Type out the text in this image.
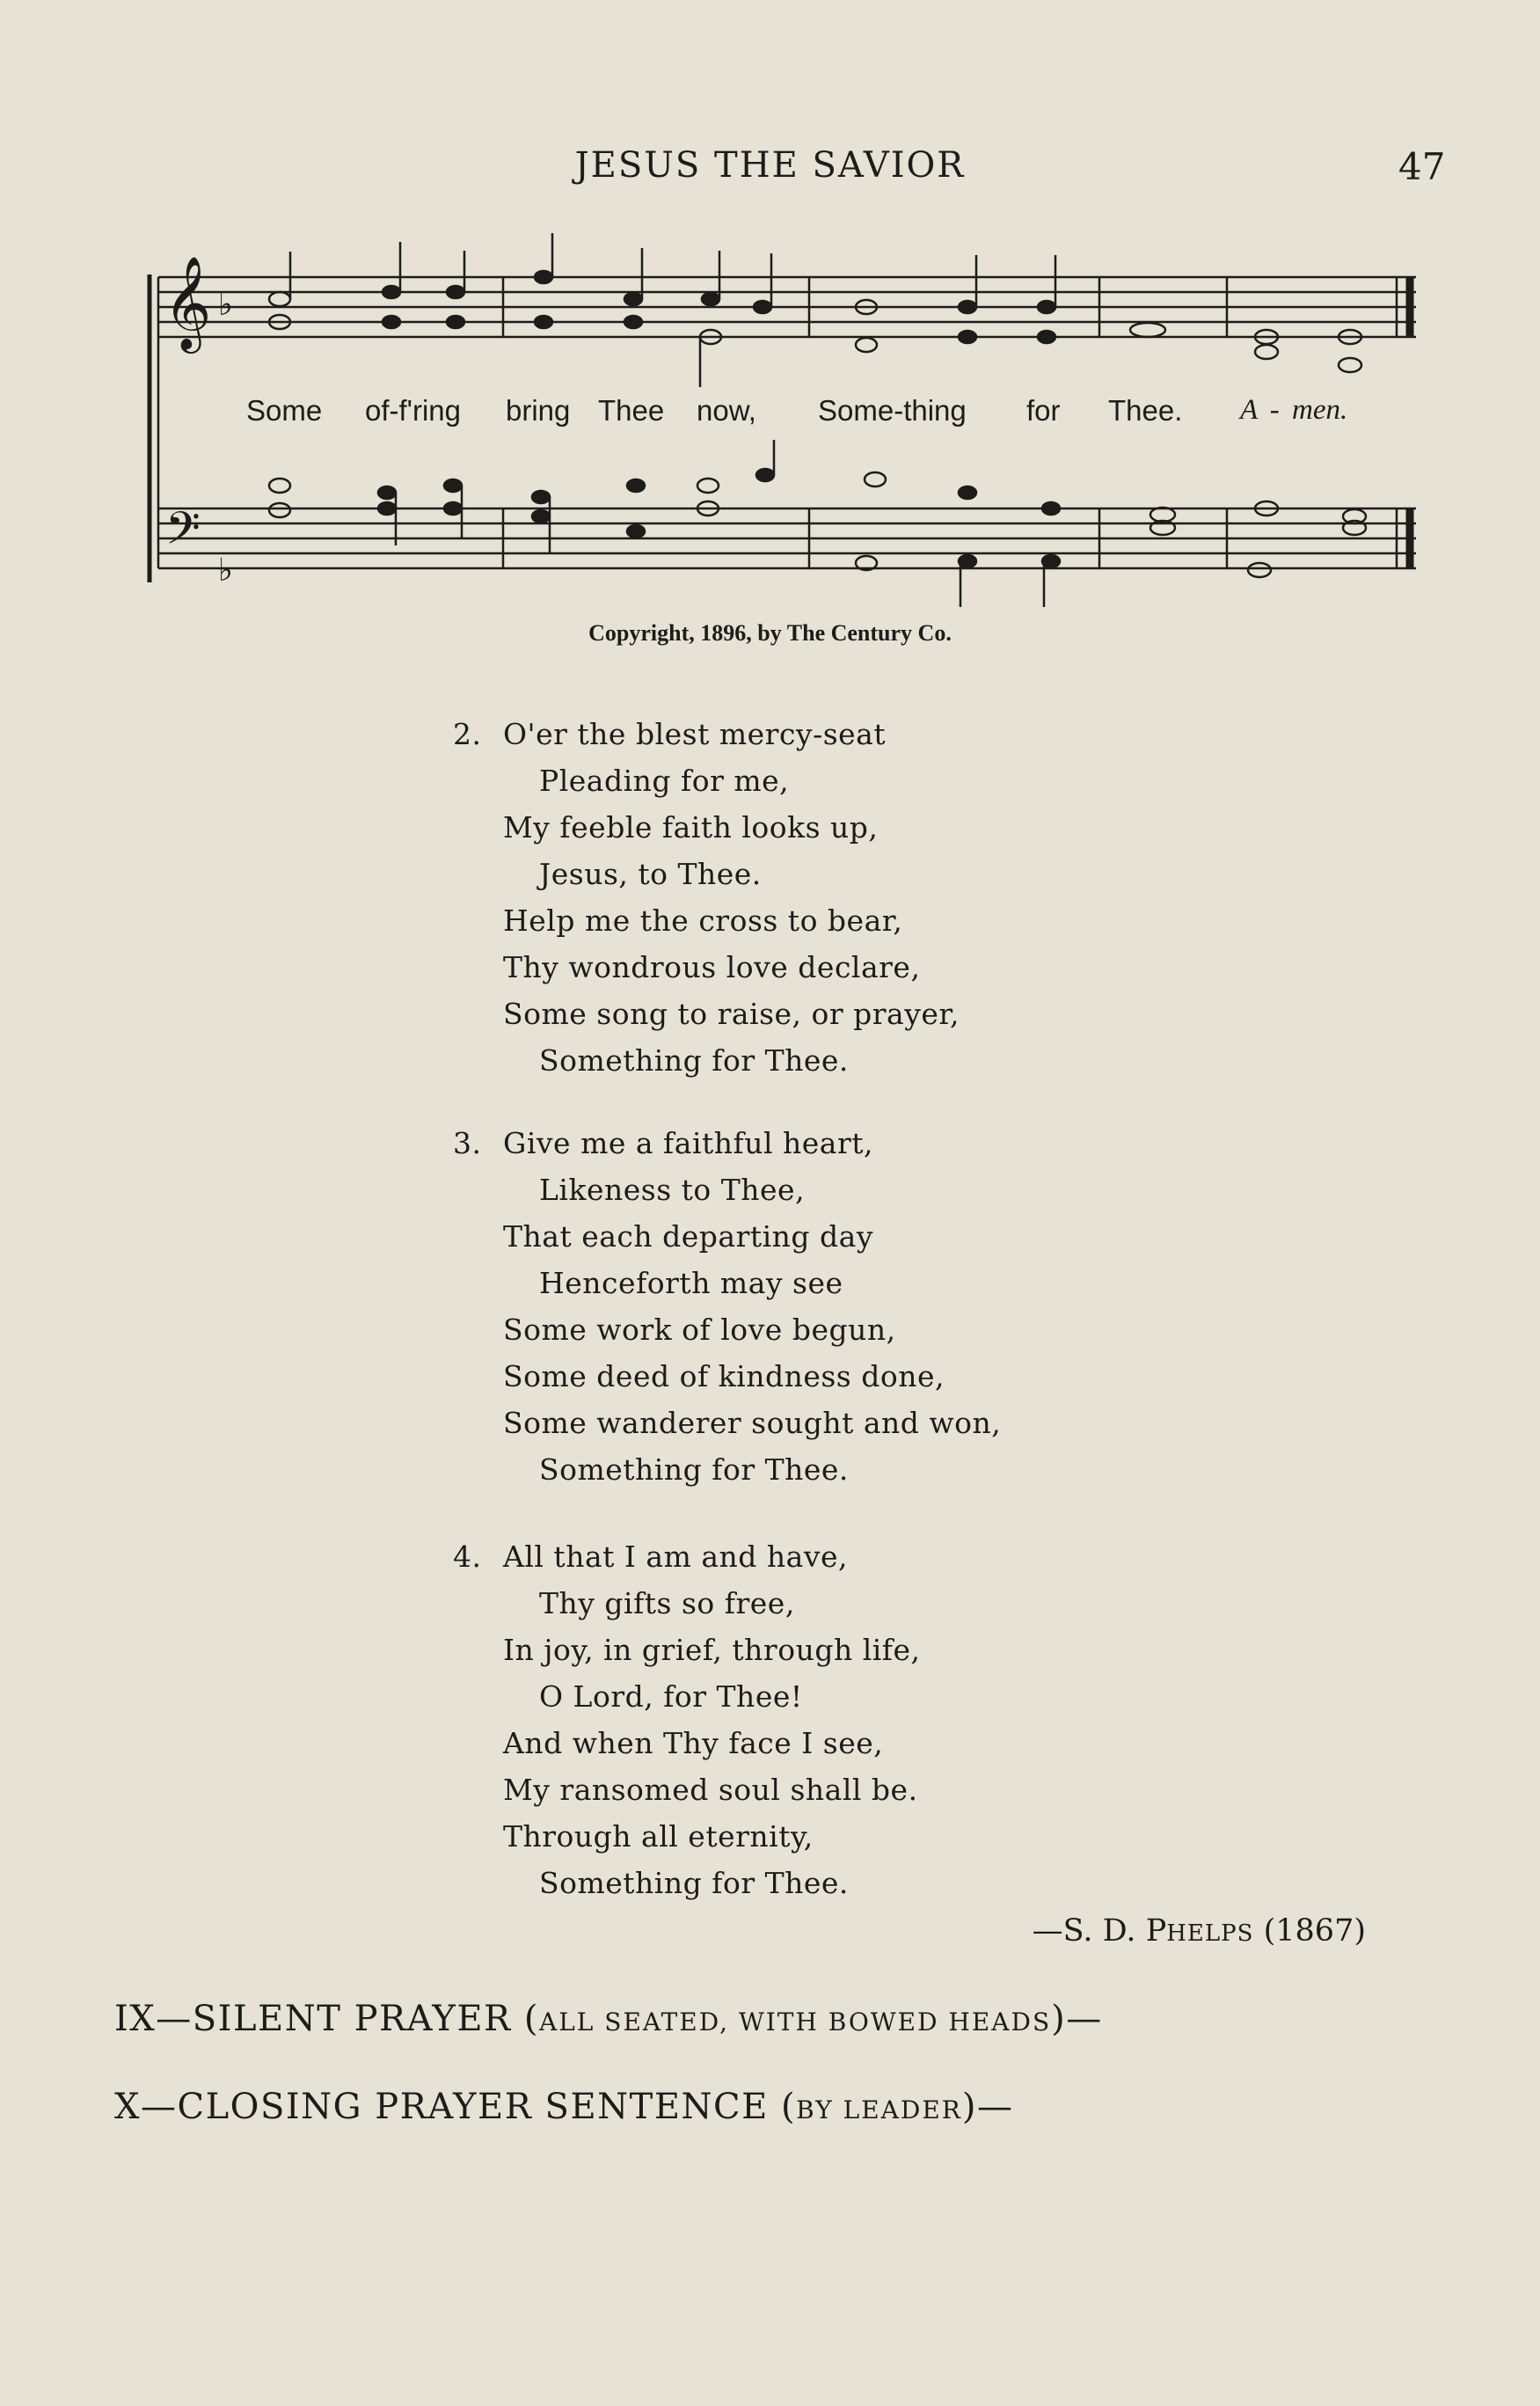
JESUS THE SAVIOR	47
𝄞
𝄢
♭
♭
Some of-f'ring bring Thee now, Some-thing for Thee. A - men.
Copyright, 1896, by The Century Co.
2. O'er the blest mercy-seat
Pleading for me,
My feeble faith looks up,
Jesus, to Thee.
Help me the cross to bear,
Thy wondrous love declare,
Some song to raise, or prayer,
Something for Thee.
3. Give me a faithful heart,
Likeness to Thee,
That each departing day
Henceforth may see
Some work of love begun,
Some deed of kindness done,
Some wanderer sought and won,
Something for Thee.
4. All that I am and have,
Thy gifts so free,
In joy, in grief, through life,
O Lord, for Thee!
And when Thy face I see,
My ransomed soul shall be.
Through all eternity,
Something for Thee.
—S. D. PHELPS (1867)
IX—SILENT PRAYER (ALL SEATED, WITH BOWED HEADS)—
X—CLOSING PRAYER SENTENCE (BY LEADER)—
